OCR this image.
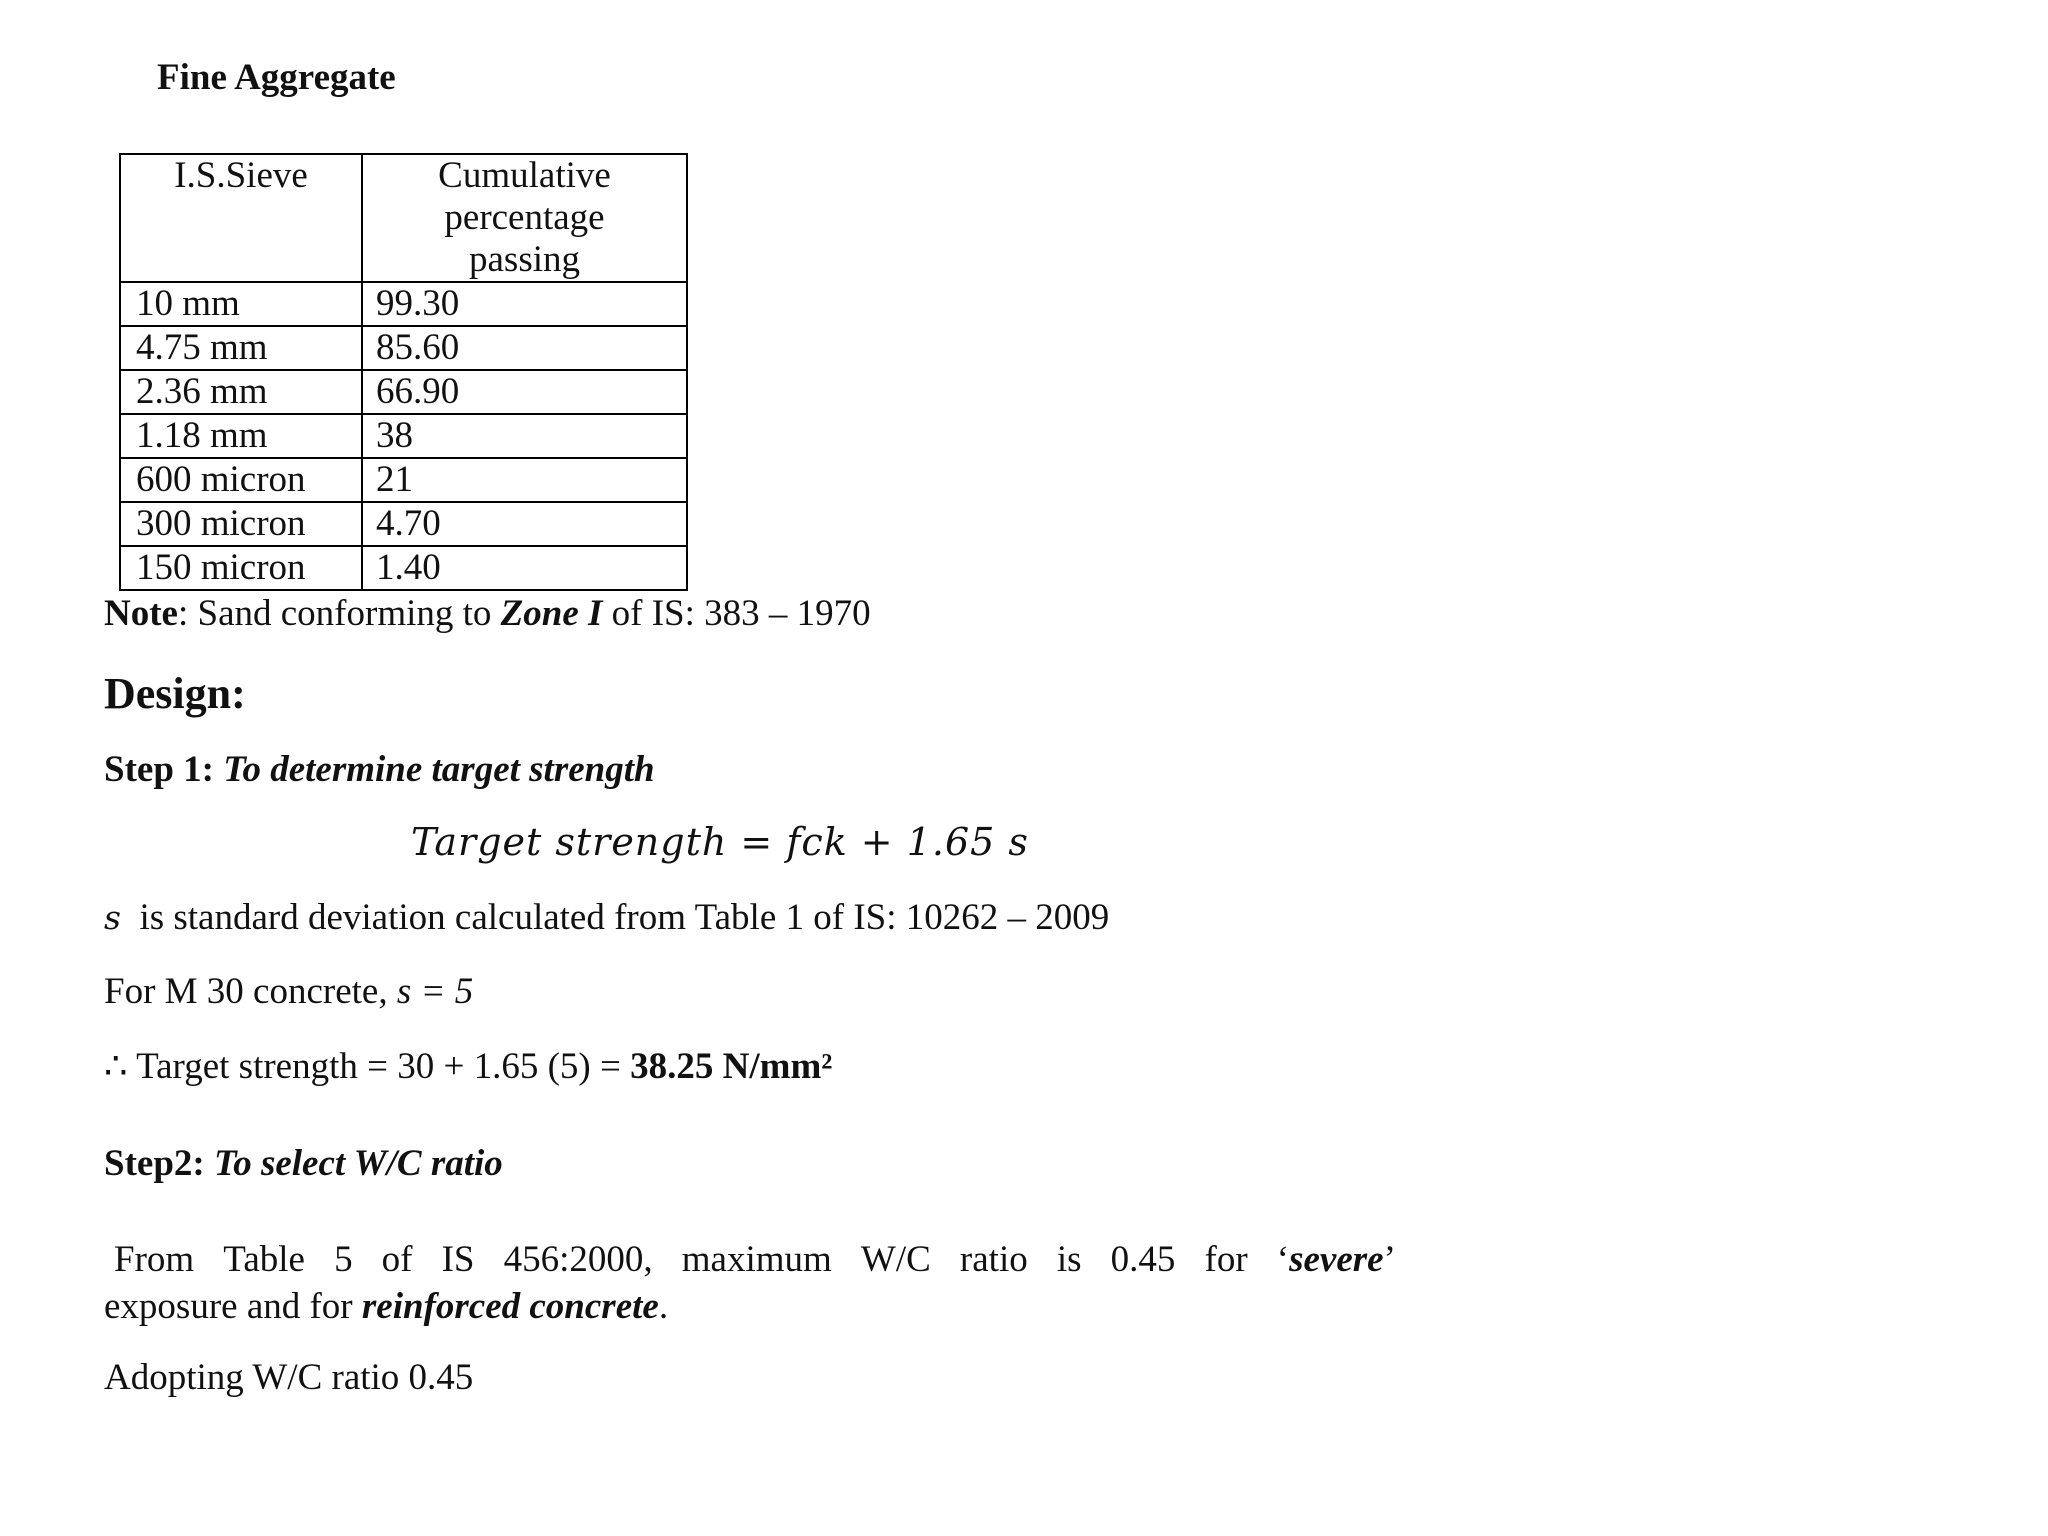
Fine Aggregate
I.S.Sieve	Cumulative percentage passing

10 mm	99.30
4.75 mm	85.60
2.36 mm	66.90
1.18 mm	38
600 micron	21
300 micron	4.70
150 micron	1.40
Note: Sand conforming to Zone I of IS: 383 – 1970
Design:
Step 1: To determine target strength
Target strength = fck + 1.65 s
s is standard deviation calculated from Table 1 of IS: 10262 – 2009
For M 30 concrete, s = 5
∴ Target strength = 30 + 1.65 (5) = 38.25 N/mm²
Step2: To select W/C ratio
From Table 5 of IS 456:2000, maximum W/C ratio is 0.45 for ‘severe’
exposure and for reinforced concrete.
Adopting W/C ratio 0.45
